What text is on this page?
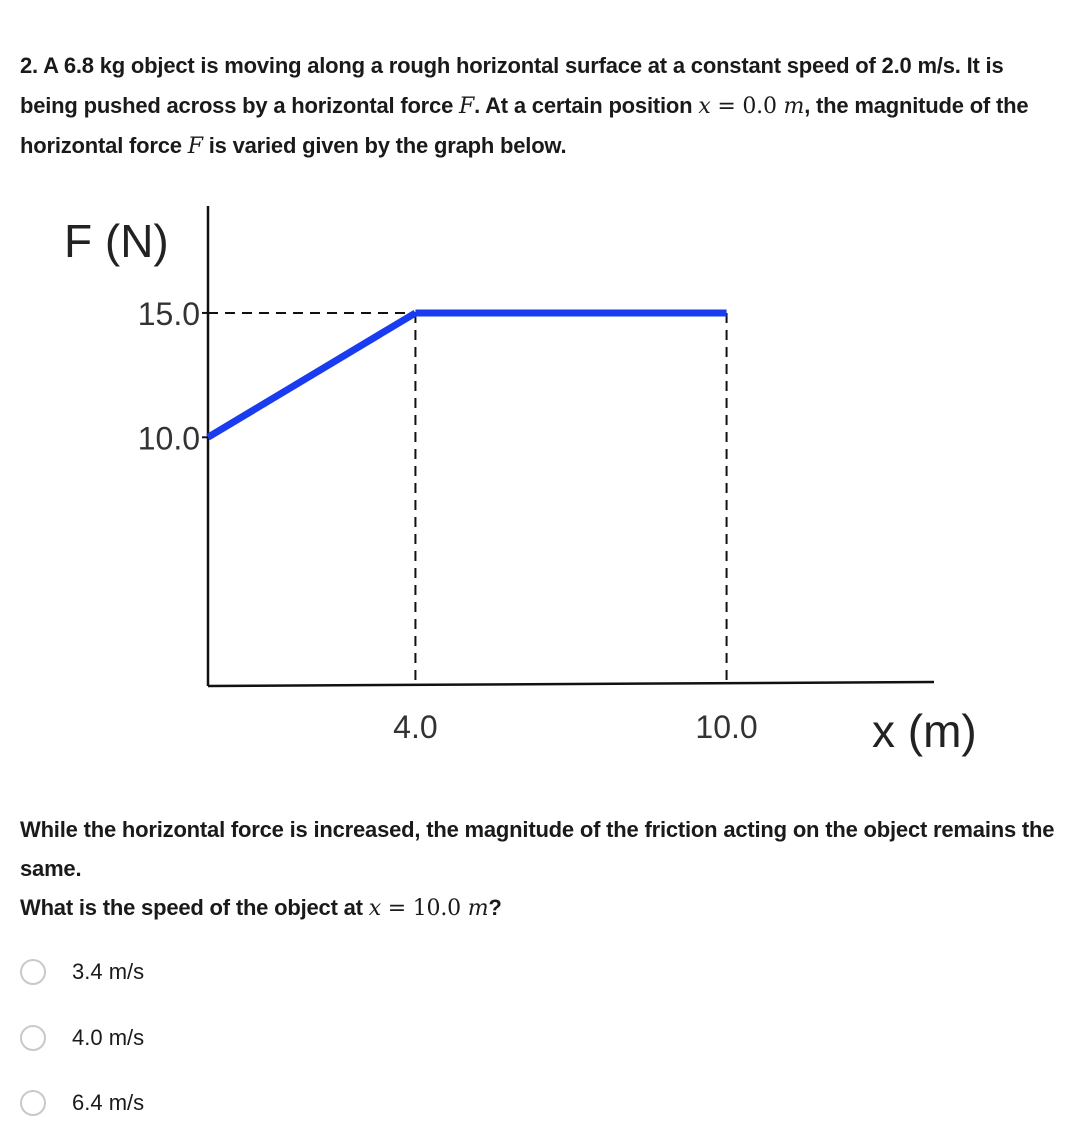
2. A 6.8 kg object is moving along a rough horizontal surface at a constant speed of 2.0 m/s. It is being pushed across by a horizontal force F. At a certain position x = 0.0 m, the magnitude of the horizontal force F is varied given by the graph below.
F (N)
x (m)
15.0
10.0
4.0	10.0
While the horizontal force is increased, the magnitude of the friction acting on the object remains the same.
What is the speed of the object at x = 10.0 m?
3.4 m/s
4.0 m/s
6.4 m/s
